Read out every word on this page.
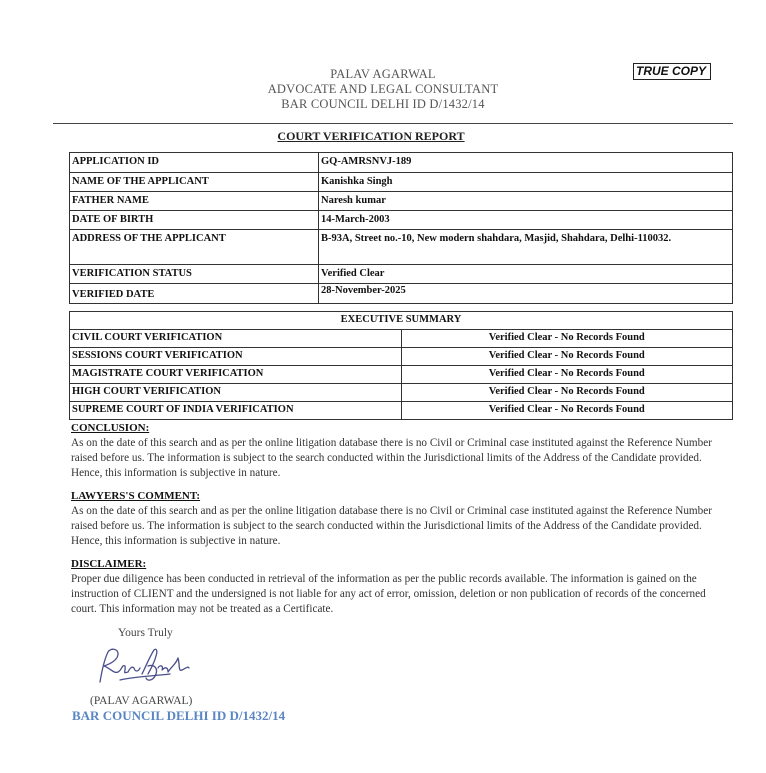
PALAV AGARWAL
ADVOCATE AND LEGAL CONSULTANT
BAR COUNCIL DELHI ID D/1432/14
TRUE COPY
COURT VERIFICATION REPORT
APPLICATION ID	GQ-AMRSNVJ-189
NAME OF THE APPLICANT	Kanishka Singh
FATHER NAME	Naresh kumar
DATE OF BIRTH	14-March-2003
ADDRESS OF THE APPLICANT	B-93A, Street no.-10, New modern shahdara, Masjid, Shahdara, Delhi-110032.
VERIFICATION STATUS	Verified Clear
VERIFIED DATE	28-November-2025
EXECUTIVE SUMMARY	
CIVIL COURT VERIFICATION	Verified Clear - No Records Found
SESSIONS COURT VERIFICATION	Verified Clear - No Records Found
MAGISTRATE COURT VERIFICATION	Verified Clear - No Records Found
HIGH COURT VERIFICATION	Verified Clear - No Records Found
SUPREME COURT OF INDIA VERIFICATION	Verified Clear - No Records Found
CONCLUSION:

As on the date of this search and as per the online litigation database there is no Civil or Criminal case instituted against the Reference Number raised before us. The information is subject to the search conducted within the Jurisdictional limits of the Address of the Candidate provided. Hence, this information is subjective in nature.

LAWYERS'S COMMENT:

As on the date of this search and as per the online litigation database there is no Civil or Criminal case instituted against the Reference Number raised before us. The information is subject to the search conducted within the Jurisdictional limits of the Address of the Candidate provided. Hence, this information is subjective in nature.

DISCLAIMER:

Proper due diligence has been conducted in retrieval of the information as per the public records available. The information is gained on the instruction of CLIENT and the undersigned is not liable for any act of error, omission, deletion or non publication of records of the concerned court. This information may not be treated as a Certificate.

Yours Truly
(PALAV AGARWAL)
BAR COUNCIL DELHI ID D/1432/14
